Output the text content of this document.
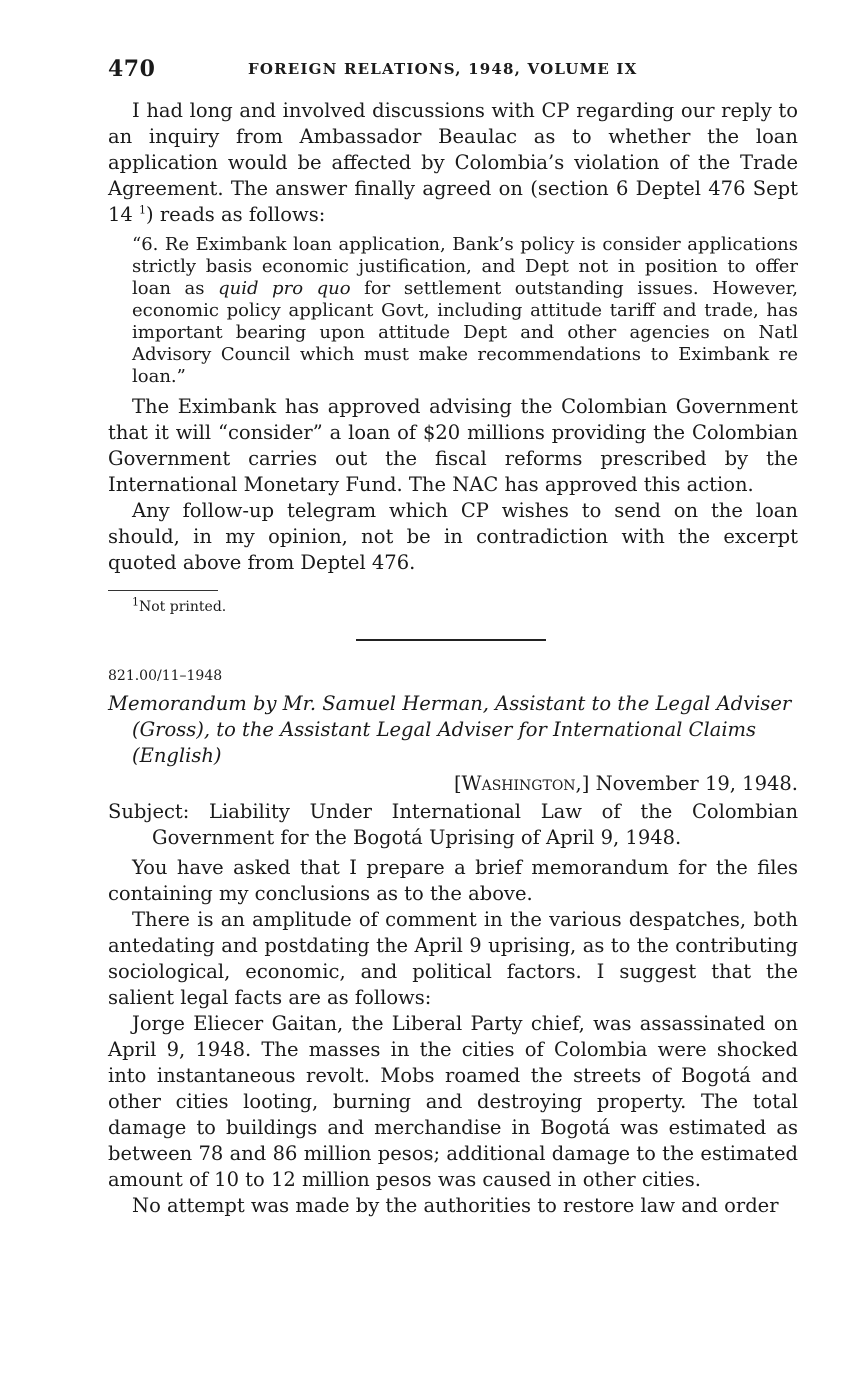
470	FOREIGN RELATIONS, 1948, VOLUME IX

I had long and involved discussions with CP regarding our reply to an inquiry from Ambassador Beaulac as to whether the loan application would be affected by Colombia’s violation of the Trade Agreement. The answer finally agreed on (section 6 Deptel 476 Sept 14 $^1$) reads as follows:

“6. Re Eximbank loan application, Bank’s policy is consider applications strictly basis economic justification, and Dept not in position to offer loan as quid pro quo for settlement outstanding issues. However, economic policy applicant Govt, including attitude tariff and trade, has important bearing upon attitude Dept and other agencies on Natl Advisory Council which must make recommendations to Eximbank re loan.”

The Eximbank has approved advising the Colombian Government that it will “consider” a loan of $20 millions providing the Colombian Government carries out the fiscal reforms prescribed by the International Monetary Fund. The NAC has approved this action.

Any follow-up telegram which CP wishes to send on the loan should, in my opinion, not be in contradiction with the excerpt quoted above from Deptel 476.

$^1$Not printed.

821.00/11–1948
Memorandum by Mr. Samuel Herman, Assistant to the Legal Adviser (Gross), to the Assistant Legal Adviser for International Claims (English)
[Washington,] November 19, 1948.
Subject: Liability Under International Law of the Colombian Government for the Bogotá Uprising of April 9, 1948.

You have asked that I prepare a brief memorandum for the files containing my conclusions as to the above.

There is an amplitude of comment in the various despatches, both antedating and postdating the April 9 uprising, as to the contributing sociological, economic, and political factors. I suggest that the salient legal facts are as follows:

Jorge Eliecer Gaitan, the Liberal Party chief, was assassinated on April 9, 1948. The masses in the cities of Colombia were shocked into instantaneous revolt. Mobs roamed the streets of Bogotá and other cities looting, burning and destroying property. The total damage to buildings and merchandise in Bogotá was estimated as between 78 and 86 million pesos; additional damage to the estimated amount of 10 to 12 million pesos was caused in other cities.

No attempt was made by the authorities to restore law and order
